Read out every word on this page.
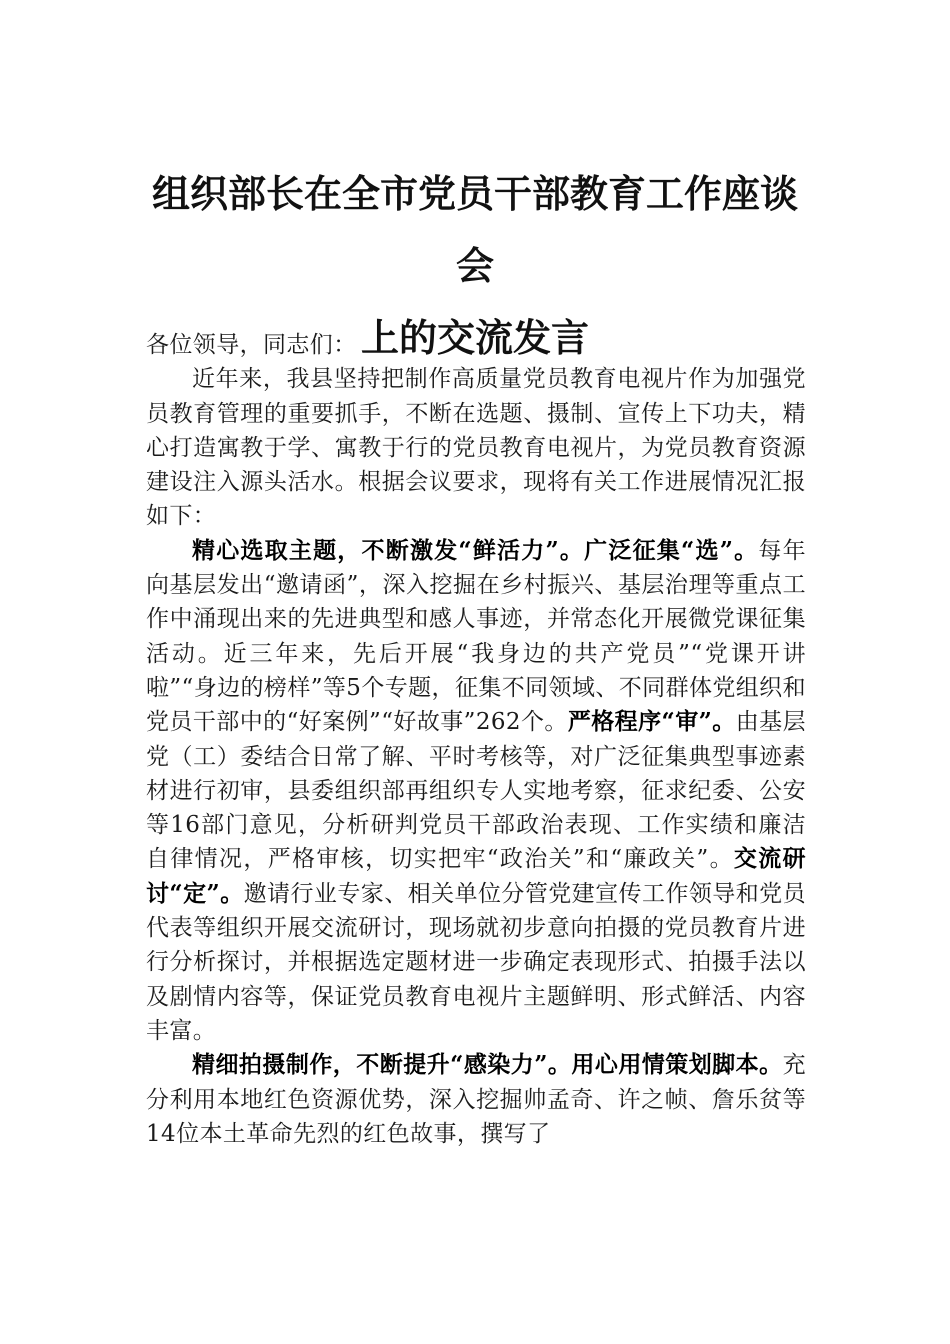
组织部长在全市党员干部教育工作座谈会
上的交流发言

各位领导，同志们：

近年来，我县坚持把制作高质量党员教育电视片作为加强党员教育管理的重要抓手，不断在选题、摄制、宣传上下功夫，精心打造寓教于学、寓教于行的党员教育电视片，为党员教育资源建设注入源头活水。根据会议要求，现将有关工作进展情况汇报如下：

精心选取主题，不断激发“鲜活力”。广泛征集“选”。每年向基层发出“邀请函”，深入挖掘在乡村振兴、基层治理等重点工作中涌现出来的先进典型和感人事迹，并常态化开展微党课征集活动。近三年来，先后开展“我身边的共产党员”“党课开讲啦”“身边的榜样”等5个专题，征集不同领域、不同群体党组织和党员干部中的“好案例”“好故事”262个。严格程序“审”。由基层党（工）委结合日常了解、平时考核等，对广泛征集典型事迹素材进行初审，县委组织部再组织专人实地考察，征求纪委、公安等16部门意见，分析研判党员干部政治表现、工作实绩和廉洁自律情况，严格审核，切实把牢“政治关”和“廉政关”。交流研讨“定”。邀请行业专家、相关单位分管党建宣传工作领导和党员代表等组织开展交流研讨，现场就初步意向拍摄的党员教育片进行分析探讨，并根据选定题材进一步确定表现形式、拍摄手法以及剧情内容等，保证党员教育电视片主题鲜明、形式鲜活、内容丰富。

精细拍摄制作，不断提升“感染力”。用心用情策划脚本。充分利用本地红色资源优势，深入挖掘帅孟奇、许之帧、詹乐贫等14位本土革命先烈的红色故事，撰写了
